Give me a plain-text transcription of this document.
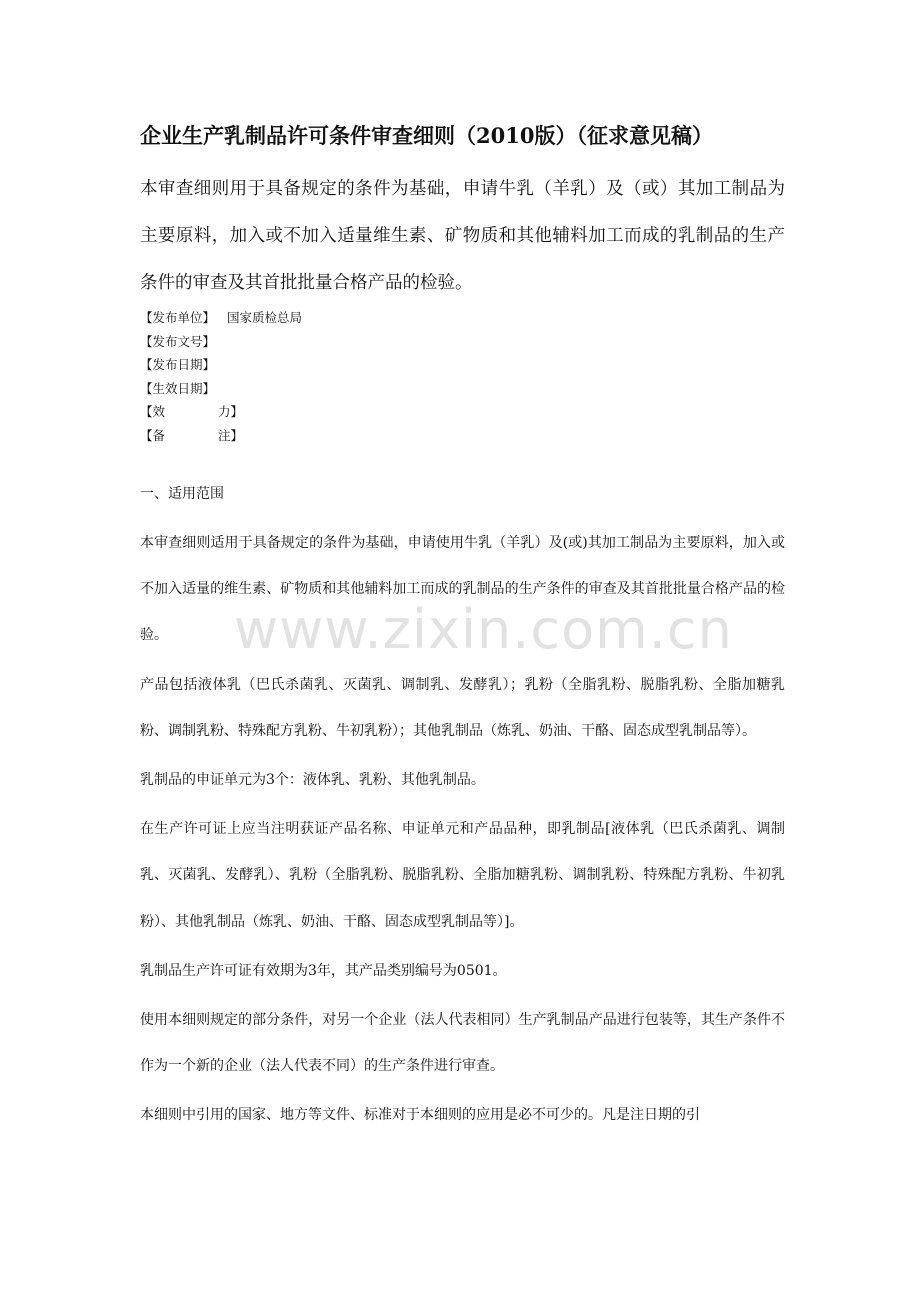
企业生产乳制品许可条件审查细则（2010版）（征求意见稿）

本审查细则用于具备规定的条件为基础，申请牛乳（羊乳）及（或）其加工制品为主要原料，加入或不加入适量维生素、矿物质和其他辅料加工而成的乳制品的生产条件的审查及其首批批量合格产品的检验。

【发布单位】 国家质检总局
【发布文号】
【发布日期】
【生效日期】
【效	力】
【备	注】
一、适用范围

本审查细则适用于具备规定的条件为基础，申请使用牛乳（羊乳）及(或)其加工制品为主要原料，加入或不加入适量的维生素、矿物质和其他辅料加工而成的乳制品的生产条件的审查及其首批批量合格产品的检验。

产品包括液体乳（巴氏杀菌乳、灭菌乳、调制乳、发酵乳）；乳粉（全脂乳粉、脱脂乳粉、全脂加糖乳粉、调制乳粉、特殊配方乳粉、牛初乳粉）；其他乳制品（炼乳、奶油、干酪、固态成型乳制品等）。

乳制品的申证单元为3个：液体乳、乳粉、其他乳制品。

在生产许可证上应当注明获证产品名称、申证单元和产品品种，即乳制品[液体乳（巴氏杀菌乳、调制乳、灭菌乳、发酵乳）、乳粉（全脂乳粉、脱脂乳粉、全脂加糖乳粉、调制乳粉、特殊配方乳粉、牛初乳粉）、其他乳制品（炼乳、奶油、干酪、固态成型乳制品等）]。

乳制品生产许可证有效期为3年，其产品类别编号为0501。

使用本细则规定的部分条件，对另一个企业（法人代表相同）生产乳制品产品进行包装等，其生产条件不作为一个新的企业（法人代表不同）的生产条件进行审查。

本细则中引用的国家、地方等文件、标准对于本细则的应用是必不可少的。凡是注日期的引

www.zixin.com.cn
